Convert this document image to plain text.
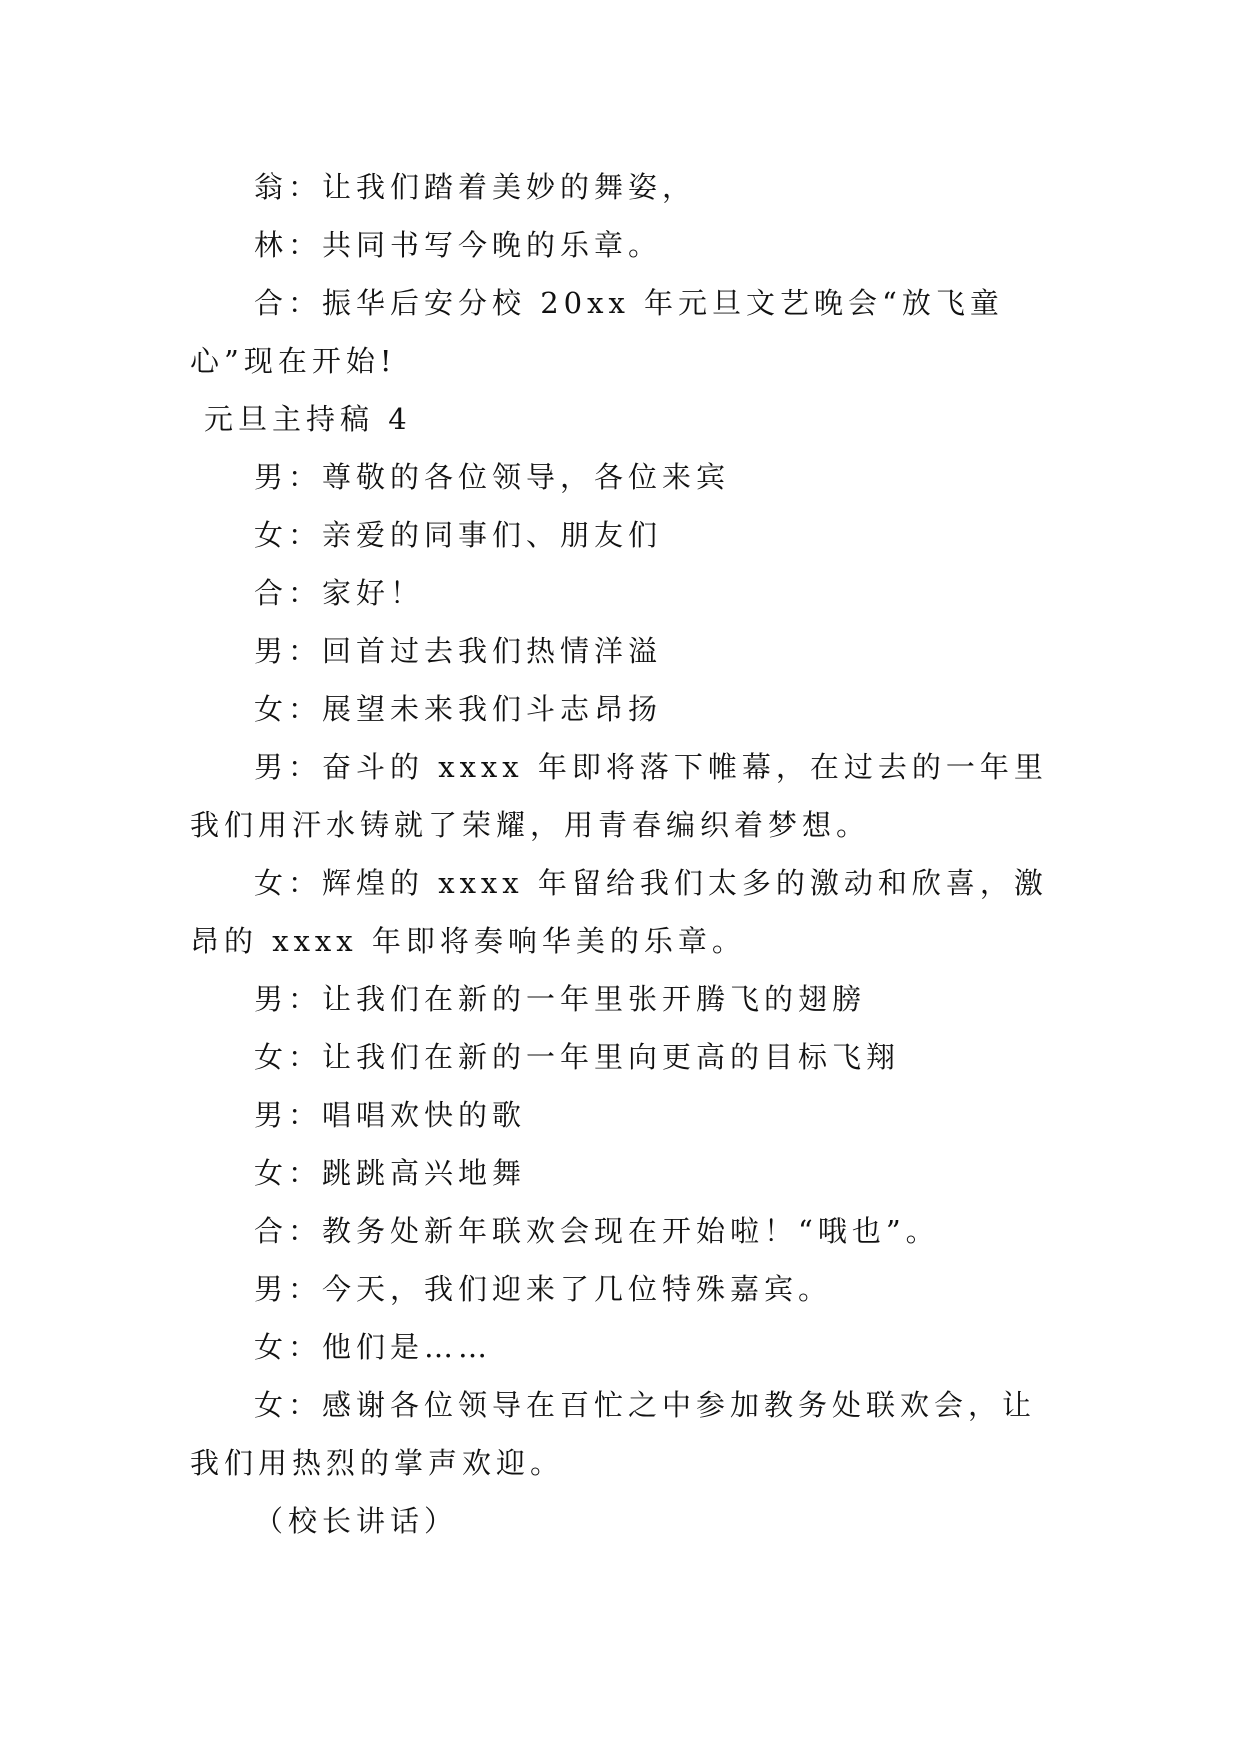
翁：让我们踏着美妙的舞姿，

林：共同书写今晚的乐章。

合：振华后安分校 20xx 年元旦文艺晚会“放飞童心”现在开始!

元旦主持稿 4

男：尊敬的各位领导，各位来宾

女：亲爱的同事们、朋友们

合：家好！

男：回首过去我们热情洋溢

女：展望未来我们斗志昂扬

男：奋斗的 xxxx 年即将落下帷幕，在过去的一年里我们用汗水铸就了荣耀，用青春编织着梦想。

女：辉煌的 xxxx 年留给我们太多的激动和欣喜，激昂的 xxxx 年即将奏响华美的乐章。

男：让我们在新的一年里张开腾飞的翅膀

女：让我们在新的一年里向更高的目标飞翔

男：唱唱欢快的歌

女：跳跳高兴地舞

合：教务处新年联欢会现在开始啦！“哦也”。

男：今天，我们迎来了几位特殊嘉宾。

女：他们是……

女：感谢各位领导在百忙之中参加教务处联欢会，让我们用热烈的掌声欢迎。

（校长讲话）
